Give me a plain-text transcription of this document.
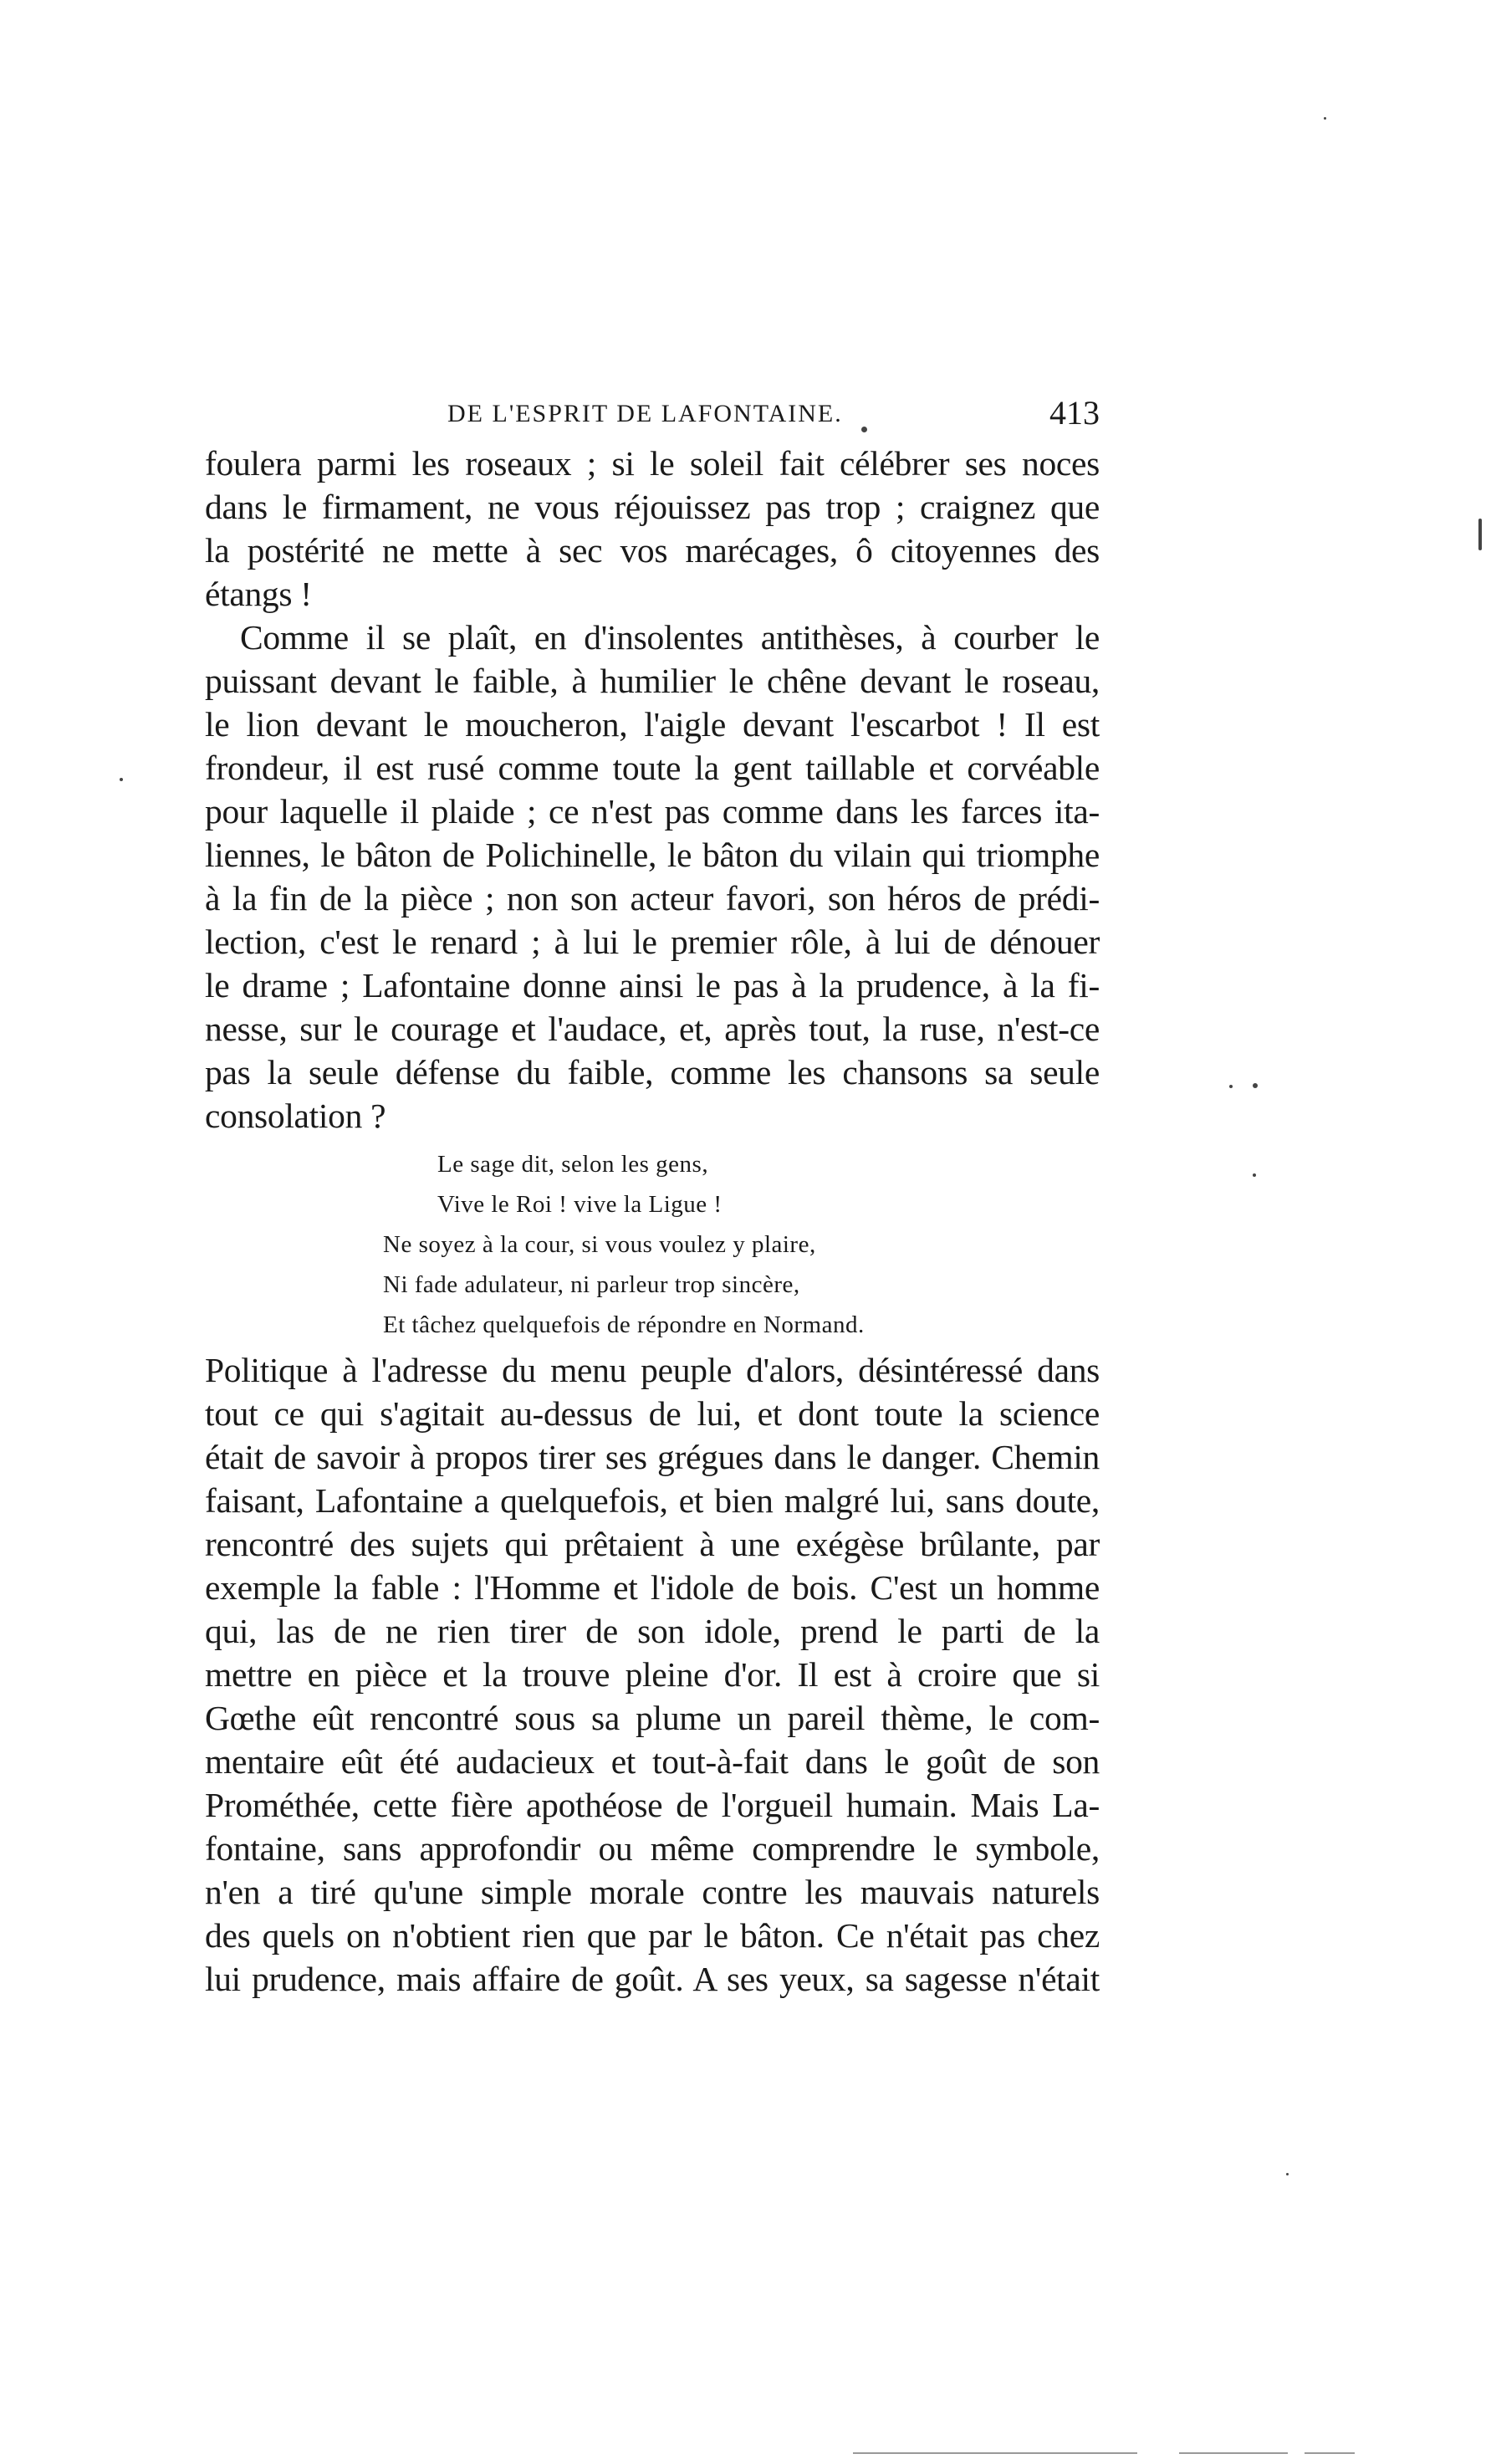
DE L'ESPRIT DE LAFONTAINE.	413
foulera parmi les roseaux ; si le soleil fait célébrer ses noces
dans le firmament, ne vous réjouissez pas trop ; craignez que
la postérité ne mette à sec vos marécages, ô citoyennes des
étangs !
Comme il se plaît, en d'insolentes antithèses, à courber le
puissant devant le faible, à humilier le chêne devant le roseau,
le lion devant le moucheron, l'aigle devant l'escarbot ! Il est
frondeur, il est rusé comme toute la gent taillable et corvéable
pour laquelle il plaide ; ce n'est pas comme dans les farces ita-
liennes, le bâton de Polichinelle, le bâton du vilain qui triomphe
à la fin de la pièce ; non son acteur favori, son héros de prédi-
lection, c'est le renard ; à lui le premier rôle, à lui de dénouer
le drame ; Lafontaine donne ainsi le pas à la prudence, à la fi-
nesse, sur le courage et l'audace, et, après tout, la ruse, n'est-ce
pas la seule défense du faible, comme les chansons sa seule
consolation ?
Le sage dit, selon les gens,
Vive le Roi ! vive la Ligue !
Ne soyez à la cour, si vous voulez y plaire,
Ni fade adulateur, ni parleur trop sincère,
Et tâchez quelquefois de répondre en Normand.
Politique à l'adresse du menu peuple d'alors, désintéressé dans
tout ce qui s'agitait au-dessus de lui, et dont toute la science
était de savoir à propos tirer ses grégues dans le danger. Chemin
faisant, Lafontaine a quelquefois, et bien malgré lui, sans doute,
rencontré des sujets qui prêtaient à une exégèse brûlante, par
exemple la fable : l'Homme et l'idole de bois. C'est un homme
qui, las de ne rien tirer de son idole, prend le parti de la
mettre en pièce et la trouve pleine d'or. Il est à croire que si
Gœthe eût rencontré sous sa plume un pareil thème, le com-
mentaire eût été audacieux et tout-à-fait dans le goût de son
Prométhée, cette fière apothéose de l'orgueil humain. Mais La-
fontaine, sans approfondir ou même comprendre le symbole,
n'en a tiré qu'une simple morale contre les mauvais naturels
des quels on n'obtient rien que par le bâton. Ce n'était pas chez
lui prudence, mais affaire de goût. A ses yeux, sa sagesse n'était
